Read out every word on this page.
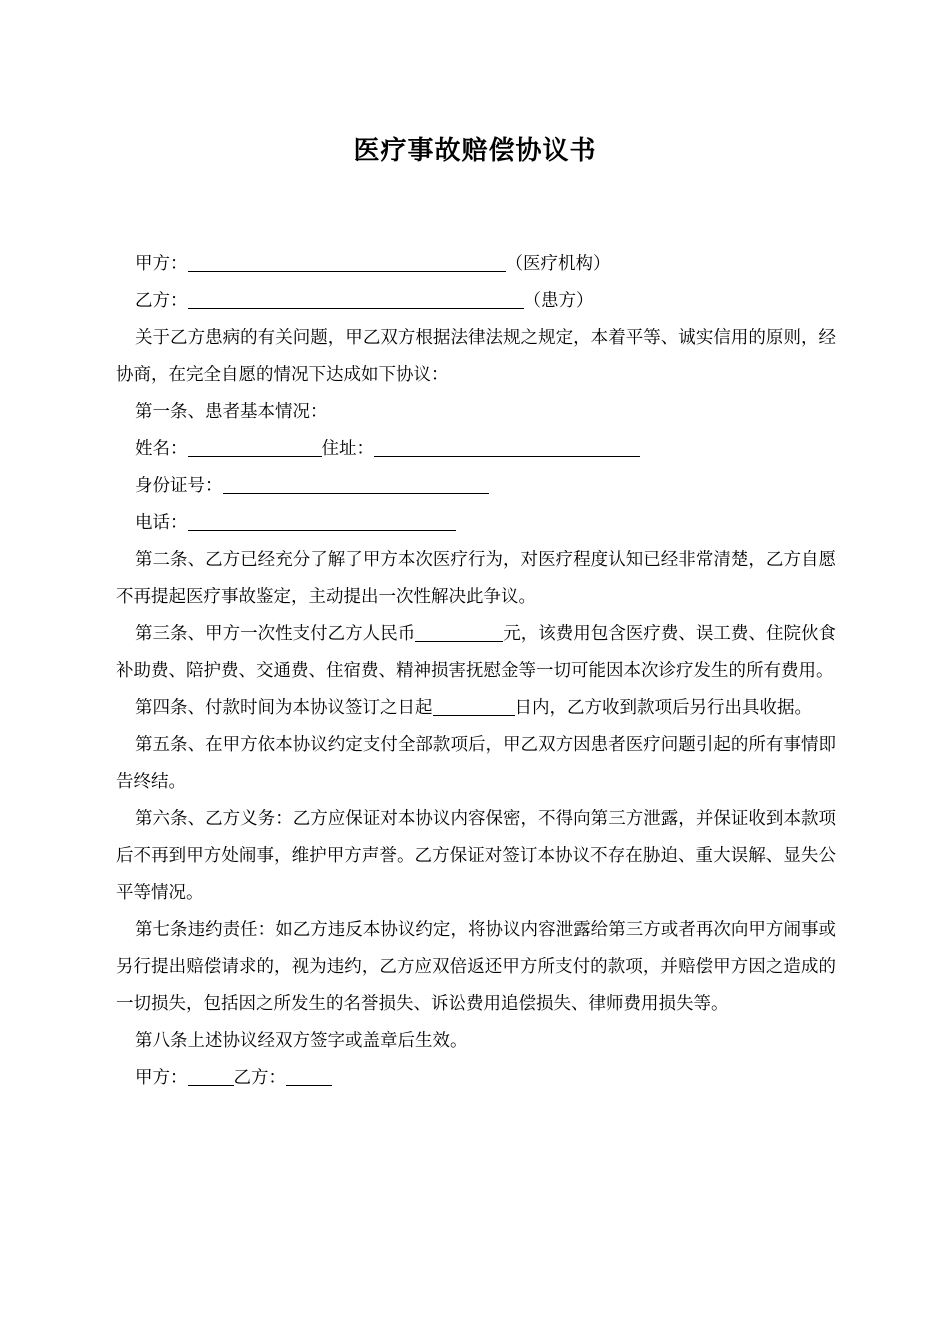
医疗事故赔偿协议书
甲方：	（医疗机构）
乙方：	（患方）
关于乙方患病的有关问题，甲乙双方根据法律法规之规定，本着平等、诚实信用的原则，经协商，在完全自愿的情况下达成如下协议：
第一条、患者基本情况：
姓名：	住址：
身份证号：
电话：
第二条、乙方已经充分了解了甲方本次医疗行为，对医疗程度认知已经非常清楚，乙方自愿不再提起医疗事故鉴定，主动提出一次性解决此争议。
第三条、甲方一次性支付乙方人民币	元，该费用包含医疗费、误工费、住院伙食补助费、陪护费、交通费、住宿费、精神损害抚慰金等一切可能因本次诊疗发生的所有费用。
第四条、付款时间为本协议签订之日起	日内，乙方收到款项后另行出具收据。
第五条、在甲方依本协议约定支付全部款项后，甲乙双方因患者医疗问题引起的所有事情即告终结。
第六条、乙方义务：乙方应保证对本协议内容保密，不得向第三方泄露，并保证收到本款项后不再到甲方处闹事，维护甲方声誉。乙方保证对签订本协议不存在胁迫、重大误解、显失公平等情况。
第七条违约责任：如乙方违反本协议约定，将协议内容泄露给第三方或者再次向甲方闹事或另行提出赔偿请求的，视为违约，乙方应双倍返还甲方所支付的款项，并赔偿甲方因之造成的一切损失，包括因之所发生的名誉损失、诉讼费用追偿损失、律师费用损失等。
第八条上述协议经双方签字或盖章后生效。
甲方：	乙方：
